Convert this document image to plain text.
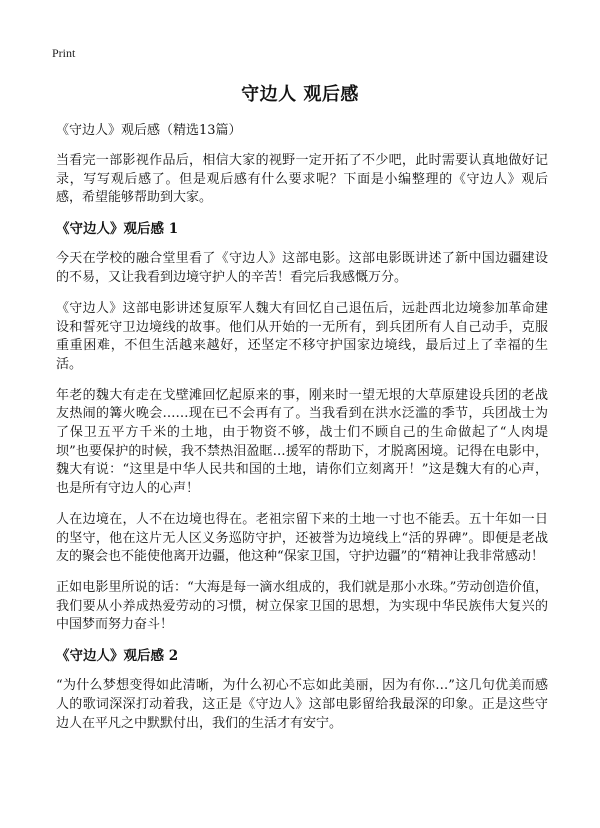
Print
守边人 观后感
《守边人》观后感（精选13篇）

当看完一部影视作品后，相信大家的视野一定开拓了不少吧，此时需要认真地做好记录，写写观后感了。但是观后感有什么要求呢？下面是小编整理的《守边人》观后感，希望能够帮助到大家。

《守边人》观后感 1

今天在学校的融合堂里看了《守边人》这部电影。这部电影既讲述了新中国边疆建设的不易，又让我看到边境守护人的辛苦！看完后我感慨万分。

《守边人》这部电影讲述复原军人魏大有回忆自己退伍后，远赴西北边境参加革命建设和誓死守卫边境线的故事。他们从开始的一无所有，到兵团所有人自己动手，克服重重困难，不但生活越来越好，还坚定不移守护国家边境线，最后过上了幸福的生活。

年老的魏大有走在戈壁滩回忆起原来的事，刚来时一望无垠的大草原建设兵团的老战友热闹的篝火晚会……现在已不会再有了。当我看到在洪水泛滥的季节，兵团战士为了保卫五平方千米的土地，由于物资不够，战士们不顾自己的生命做起了“人肉堤坝”也要保护的时候，我不禁热泪盈眶…援军的帮助下，才脱离困境。记得在电影中，魏大有说：“这里是中华人民共和国的土地，请你们立刻离开！”这是魏大有的心声，也是所有守边人的心声！

人在边境在，人不在边境也得在。老祖宗留下来的土地一寸也不能丢。五十年如一日的坚守，他在这片无人区义务巡防守护，还被誉为边境线上“活的界碑”。即便是老战友的聚会也不能使他离开边疆，他这种“保家卫国，守护边疆”的“精神让我非常感动！

正如电影里所说的话：“大海是每一滴水组成的，我们就是那小水珠。”劳动创造价值，我们要从小养成热爱劳动的习惯，树立保家卫国的思想，为实现中华民族伟大复兴的中国梦而努力奋斗！

《守边人》观后感 2

“为什么梦想变得如此清晰，为什么初心不忘如此美丽，因为有你…”这几句优美而感人的歌词深深打动着我，这正是《守边人》这部电影留给我最深的印象。正是这些守边人在平凡之中默默付出，我们的生活才有安宁。
